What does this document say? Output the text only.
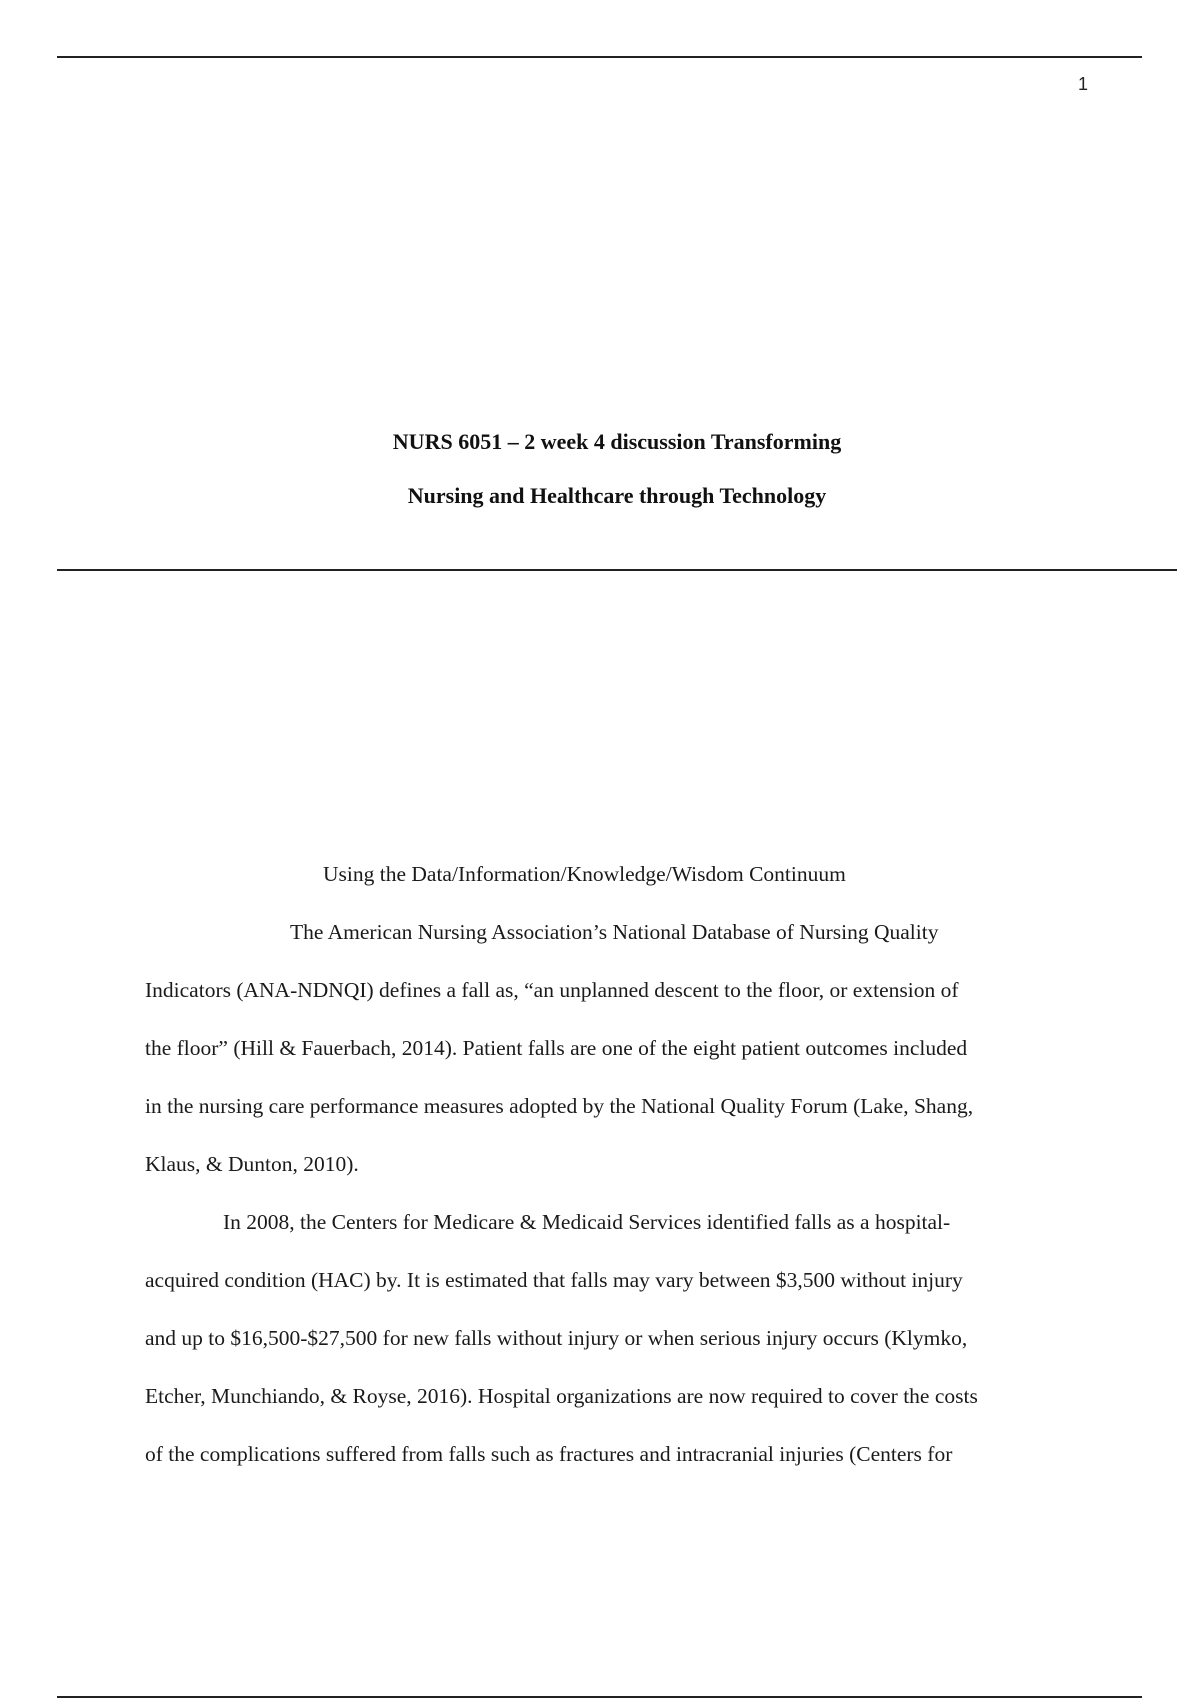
1
NURS 6051 – 2 week 4 discussion Transforming
Nursing and Healthcare through Technology
Using the Data/Information/Knowledge/Wisdom Continuum
The American Nursing Association’s National Database of Nursing Quality
Indicators (ANA-NDNQI) defines a fall as, “an unplanned descent to the floor, or extension of
the floor” (Hill & Fauerbach, 2014). Patient falls are one of the eight patient outcomes included
in the nursing care performance measures adopted by the National Quality Forum (Lake, Shang,
Klaus, & Dunton, 2010).
In 2008, the Centers for Medicare & Medicaid Services identified falls as a hospital-
acquired condition (HAC) by. It is estimated that falls may vary between $3,500 without injury
and up to $16,500-$27,500 for new falls without injury or when serious injury occurs (Klymko,
Etcher, Munchiando, & Royse, 2016). Hospital organizations are now required to cover the costs
of the complications suffered from falls such as fractures and intracranial injuries (Centers for
